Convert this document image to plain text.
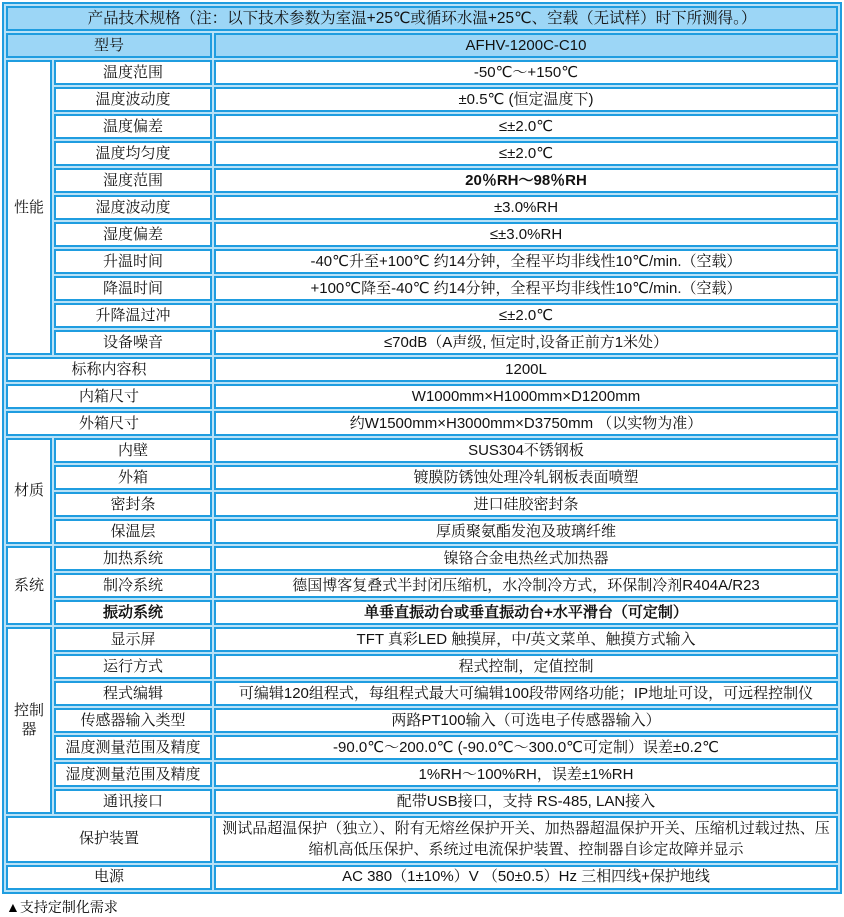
产品技术规格（注：以下技术参数为室温+25℃或循环水温+25℃、空载（无试样）时下所测得。）		
型号		AFHV-1200C-C10
性能	温度范围	-50℃～+150℃
	温度波动度	±0.5℃ (恒定温度下)
	温度偏差	≤±2.0℃
	温度均匀度	≤±2.0℃
	湿度范围	20％RH～98％RH
	湿度波动度	±3.0%RH
	湿度偏差	≤±3.0%RH
	升温时间	-40℃升至+100℃ 约14分钟，全程平均非线性10℃/min.（空载）
	降温时间	+100℃降至-40℃ 约14分钟，全程平均非线性10℃/min.（空载）
	升降温过冲	≤±2.0℃
	设备噪音	≤70dB（A声级, 恒定时,设备正前方1米处）
标称内容积		1200L
内箱尺寸		W1000mm×H1000mm×D1200mm
外箱尺寸		约W1500mm×H3000mm×D3750mm （以实物为准）
材质	内壁	SUS304不锈钢板
	外箱	镀膜防锈蚀处理冷轧钢板表面喷塑
	密封条	进口硅胶密封条
	保温层	厚质聚氨酯发泡及玻璃纤维
系统	加热系统	镍铬合金电热丝式加热器
	制冷系统	德国博客复叠式半封闭压缩机，水冷制冷方式，环保制冷剂R404A/R23
	振动系统	单垂直振动台或垂直振动台+水平滑台（可定制）
控制器	显示屏	TFT 真彩LED 触摸屏，中/英文菜单、触摸方式输入
	运行方式	程式控制，定值控制
	程式编辑	可编辑120组程式，每组程式最大可编辑100段带网络功能；IP地址可设，可远程控制仪
	传感器输入类型	两路PT100输入（可选电子传感器输入）
	温度测量范围及精度	-90.0℃～200.0℃ (-90.0℃～300.0℃可定制）误差±0.2℃
	湿度测量范围及精度	1%RH～100%RH，误差±1%RH
	通讯接口	配带USB接口，支持 RS-485, LAN接入
保护装置		测试品超温保护（独立）、附有无熔丝保护开关、加热器超温保护开关、压缩机过载过热、压缩机高低压保护、系统过电流保护装置、控制器自诊定故障并显示
电源		AC 380（1±10%）V （50±0.5）Hz 三相四线+保护地线
▲支持定制化需求
